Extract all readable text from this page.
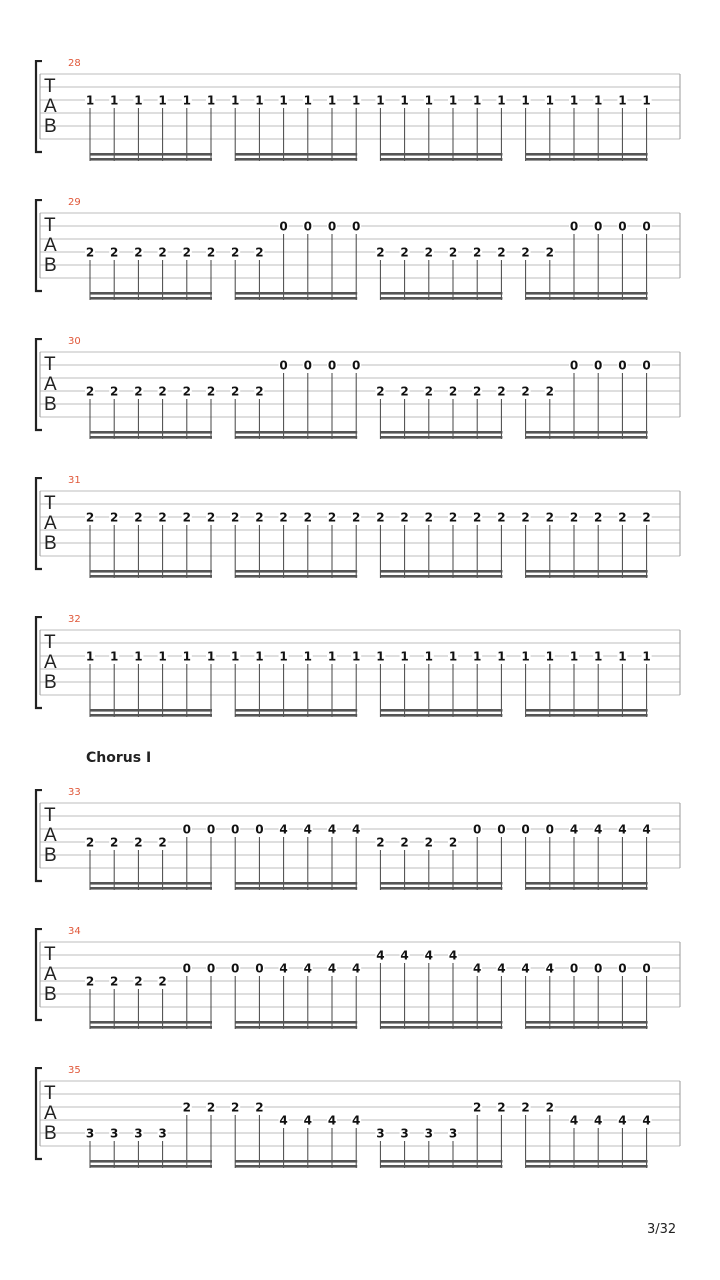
28
T
A
B
1 1 1 1 1 1 1 1 1 1 1 1 1 1 1 1 1 1 1 1 1 1 1 1
29
T
A
B
2 2 2 2 2 2 2 2
0 0 0 0
2 2 2 2 2 2 2 2
0 0 0 0
30
T
A
B
2 2 2 2 2 2 2 2
0 0 0 0
2 2 2 2 2 2 2 2
0 0 0 0
31
T
A
B
2 2 2 2 2 2 2 2 2 2 2 2 2 2 2 2 2 2 2 2 2 2 2 2
32
T
A
B
1 1 1 1 1 1 1 1 1 1 1 1 1 1 1 1 1 1 1 1 1 1 1 1
33
T
A
B
2 2 2 2
0 0 0 0 4 4 4 4
2 2 2 2
0 0 0 0 4 4 4 4
34
T
A
B
2 2 2 2
0 0 0 0 4 4 4 4
4 4 4 4
4 4 4 4 0 0 0 0
35
T
A
B 3 3 3 3
2 2 2 2
4 4 4 4
3 3 3 3
2 2 2 2
4 4 4 4
Chorus I
3/32
